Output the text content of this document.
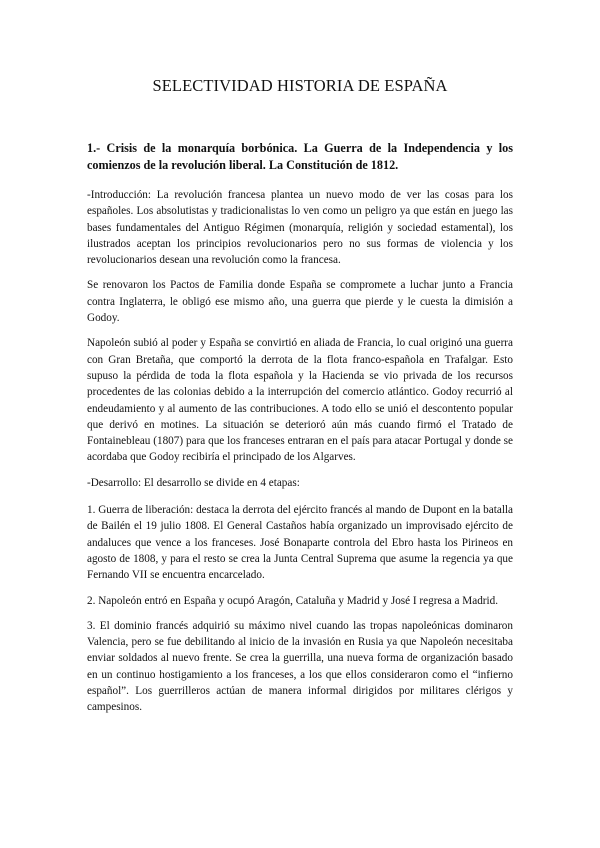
SELECTIVIDAD HISTORIA DE ESPAÑA

1.- Crisis de la monarquía borbónica. La Guerra de la Independencia y los comienzos de la revolución liberal. La Constitución de 1812.

-Introducción: La revolución francesa plantea un nuevo modo de ver las cosas para los españoles. Los absolutistas y tradicionalistas lo ven como un peligro ya que están en juego las bases fundamentales del Antiguo Régimen (monarquía, religión y sociedad estamental), los ilustrados aceptan los principios revolucionarios pero no sus formas de violencia y los revolucionarios desean una revolución como la francesa.

Se renovaron los Pactos de Familia donde España se compromete a luchar junto a Francia contra Inglaterra, le obligó ese mismo año, una guerra que pierde y le cuesta la dimisión a Godoy.

Napoleón subió al poder y España se convirtió en aliada de Francia, lo cual originó una guerra con Gran Bretaña, que comportó la derrota de la flota franco-española en Trafalgar. Esto supuso la pérdida de toda la flota española y la Hacienda se vio privada de los recursos procedentes de las colonias debido a la interrupción del comercio atlántico. Godoy recurrió al endeudamiento y al aumento de las contribuciones. A todo ello se unió el descontento popular que derivó en motines. La situación se deterioró aún más cuando firmó el Tratado de Fontainebleau (1807) para que los franceses entraran en el país para atacar Portugal y donde se acordaba que Godoy recibiría el principado de los Algarves.

-Desarrollo: El desarrollo se divide en 4 etapas:

1. Guerra de liberación: destaca la derrota del ejército francés al mando de Dupont en la batalla de Bailén el 19 julio 1808. El General Castaños había organizado un improvisado ejército de andaluces que vence a los franceses. José Bonaparte controla del Ebro hasta los Pirineos en agosto de 1808, y para el resto se crea la Junta Central Suprema que asume la regencia ya que Fernando VII se encuentra encarcelado.

2. Napoleón entró en España y ocupó Aragón, Cataluña y Madrid y José I regresa a Madrid.

3. El dominio francés adquirió su máximo nivel cuando las tropas napoleónicas dominaron Valencia, pero se fue debilitando al inicio de la invasión en Rusia ya que Napoleón necesitaba enviar soldados al nuevo frente. Se crea la guerrilla, una nueva forma de organización basado en un continuo hostigamiento a los franceses, a los que ellos consideraron como el “infierno español”. Los guerrilleros actúan de manera informal dirigidos por militares clérigos y campesinos.
